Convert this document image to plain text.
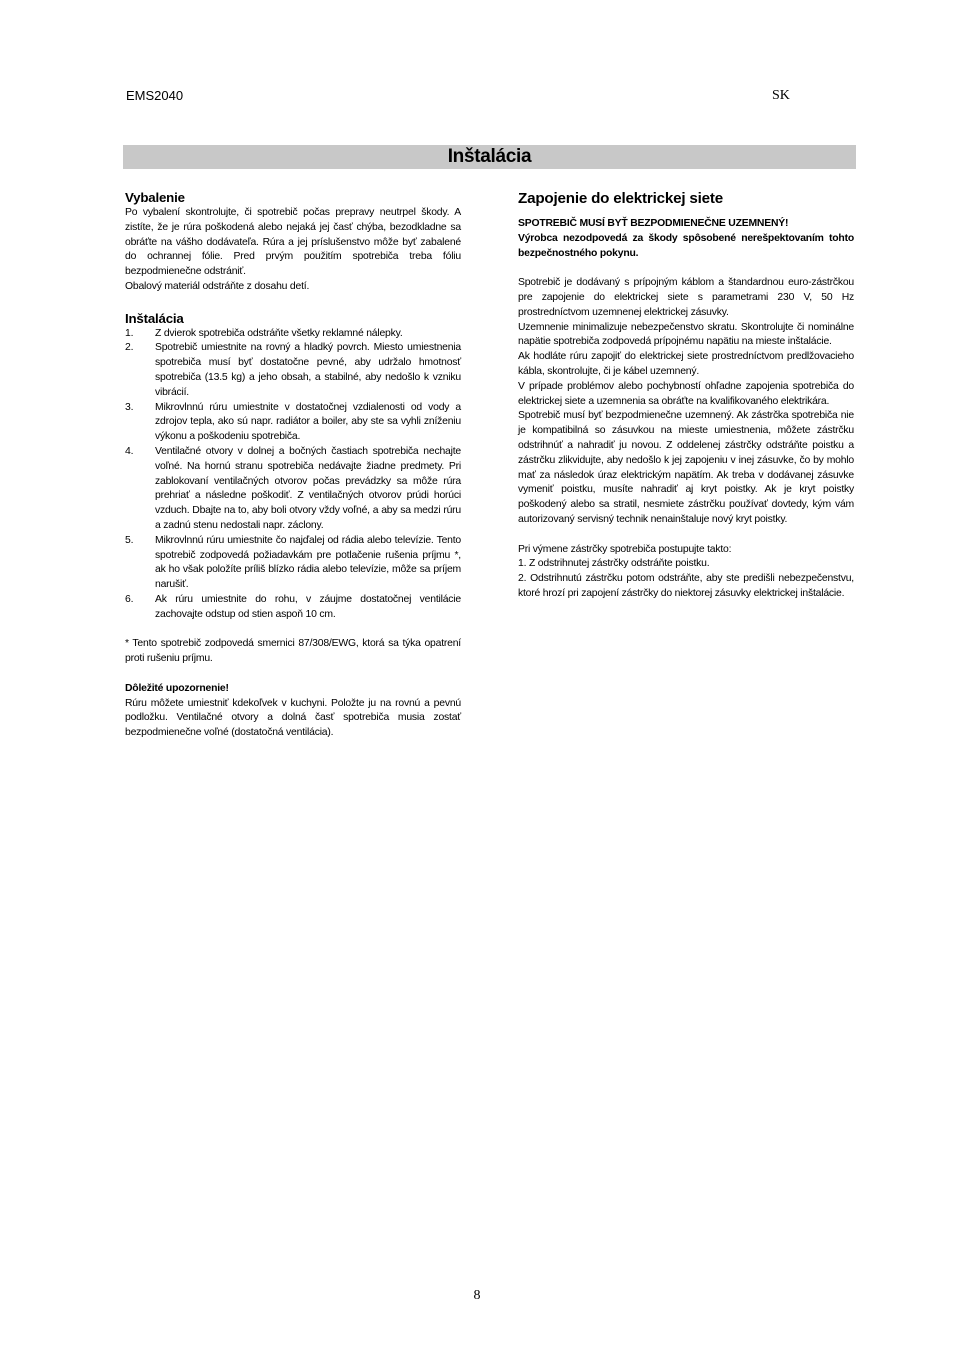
EMS2040	SK
Inštalácia
Vybalenie

Po vybalení skontrolujte, či spotrebič počas prepravy neutrpel škody. A zistíte, že je rúra poškodená alebo nejaká jej časť chýba, bezodkladne sa obráťte na vášho dodávateľa. Rúra a jej príslušenstvo môže byť zabalené do ochrannej fólie. Pred prvým použitím spotrebiča treba fóliu bezpodmienečne odstrániť.

Obalový materiál odstráňte z dosahu detí.

Inštalácia
1. Z dvierok spotrebiča odstráňte všetky reklamné nálepky.
2. Spotrebič umiestnite na rovný a hladký povrch. Miesto umiestnenia spotrebiča musí byť dostatočne pevné, aby udržalo hmotnosť spotrebiča (13.5 kg) a jeho obsah, a stabilné, aby nedošlo k vzniku vibrácií.
3. Mikrovlnnú rúru umiestnite v dostatočnej vzdialenosti od vody a zdrojov tepla, ako sú napr. radiátor a boiler, aby ste sa vyhli zníženiu výkonu a poškodeniu spotrebiča.
4. Ventilačné otvory v dolnej a bočných častiach spotrebiča nechajte voľné. Na hornú stranu spotrebiča nedávajte žiadne predmety. Pri zablokovaní ventilačných otvorov počas prevádzky sa môže rúra prehriať a následne poškodiť. Z ventilačných otvorov prúdi horúci vzduch. Dbajte na to, aby boli otvory vždy voľné, a aby sa medzi rúru a zadnú stenu nedostali napr. záclony.
5. Mikrovlnnú rúru umiestnite čo najďalej od rádia alebo televízie. Tento spotrebič zodpovedá požiadavkám pre potlačenie rušenia príjmu *, ak ho však položíte príliš blízko rádia alebo televízie, môže sa príjem narušiť.
6. Ak rúru umiestnite do rohu, v záujme dostatočnej ventilácie zachovajte odstup od stien aspoň 10 cm.

* Tento spotrebič zodpovedá smernici 87/308/EWG, ktorá sa týka opatrení proti rušeniu príjmu.

Dôležité upozornenie!

Rúru môžete umiestniť kdekoľvek v kuchyni. Položte ju na rovnú a pevnú podložku. Ventilačné otvory a dolná časť spotrebiča musia zostať bezpodmienečne voľné (dostatočná ventilácia).

Zapojenie do elektrickej siete

SPOTREBIČ MUSÍ BYŤ BEZPODMIENEČNE UZEMNENÝ!

Výrobca nezodpovedá za škody spôsobené nerešpektovaním tohto bezpečnostného pokynu.

Spotrebič je dodávaný s prípojným káblom a štandardnou euro-zástrčkou pre zapojenie do elektrickej siete s parametrami 230 V, 50 Hz prostredníctvom uzemnenej elektrickej zásuvky.

Uzemnenie minimalizuje nebezpečenstvo skratu. Skontrolujte či nominálne napätie spotrebiča zodpovedá prípojnému napätiu na mieste inštalácie.

Ak hodláte rúru zapojiť do elektrickej siete prostredníctvom predlžovacieho kábla, skontrolujte, či je kábel uzemnený.

V prípade problémov alebo pochybností ohľadne zapojenia spotrebiča do elektrickej siete a uzemnenia sa obráťte na kvalifikovaného elektrikára.

Spotrebič musí byť bezpodmienečne uzemnený. Ak zástrčka spotrebiča nie je kompatibilná so zásuvkou na mieste umiestnenia, môžete zástrčku odstrihnúť a nahradiť ju novou. Z oddelenej zástrčky odstráňte poistku a zástrčku zlikvidujte, aby nedošlo k jej zapojeniu v inej zásuvke, čo by mohlo mať za následok úraz elektrickým napätím. Ak treba v dodávanej zásuvke vymeniť poistku, musíte nahradiť aj kryt poistky. Ak je kryt poistky poškodený alebo sa stratil, nesmiete zástrčku používať dovtedy, kým vám autorizovaný servisný technik nenainštaluje nový kryt poistky.

Pri výmene zástrčky spotrebiča postupujte takto:

1. Z odstrihnutej zástrčky odstráňte poistku.

2. Odstrihnutú zástrčku potom odstráňte, aby ste predišli nebezpečenstvu, ktoré hrozí pri zapojení zástrčky do niektorej zásuvky elektrickej inštalácie.

8
